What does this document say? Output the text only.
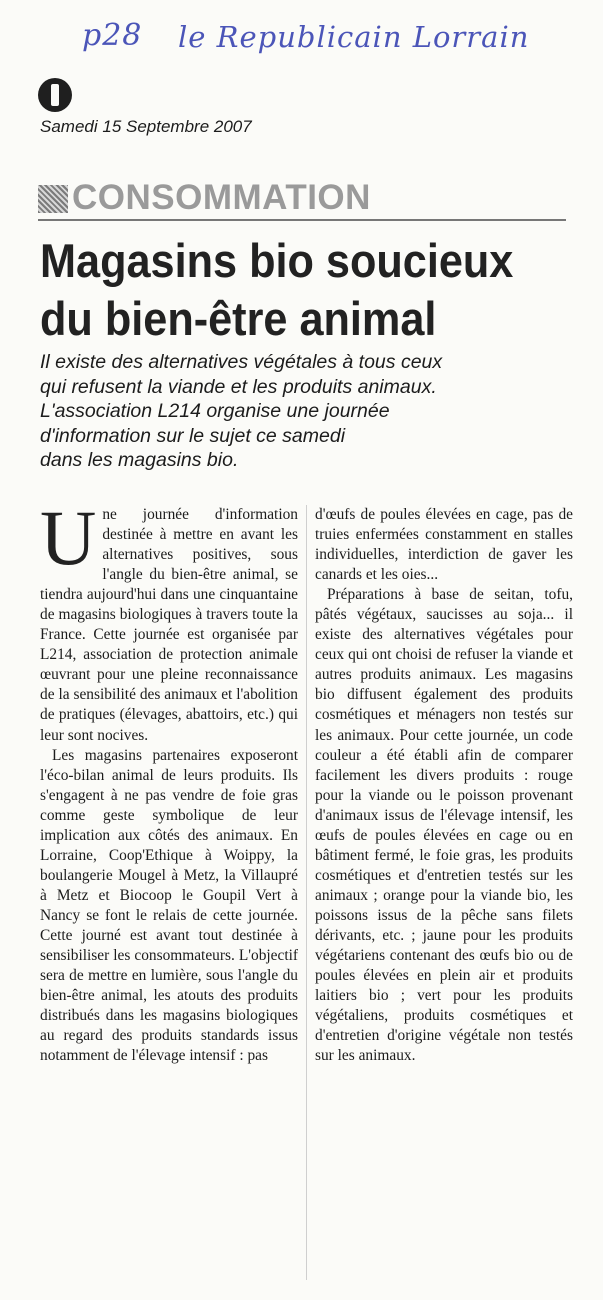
p28 le Republicain Lorrain
Samedi 15 Septembre 2007
CONSOMMATION
Magasins bio soucieux
du bien-être animal
Il existe des alternatives végétales à tous ceux
qui refusent la viande et les produits animaux.
L'association L214 organise une journée
d'information sur le sujet ce samedi
dans les magasins bio.

Une journée d'information destinée à mettre en avant les alternatives positives, sous l'angle du bien-être animal, se tiendra aujourd'hui dans une cinquantaine de magasins biologiques à travers toute la France. Cette journée est organisée par L214, association de protection animale œuvrant pour une pleine reconnaissance de la sensibilité des animaux et l'abolition de pratiques (élevages, abattoirs, etc.) qui leur sont nocives.

Les magasins partenaires exposeront l'éco-bilan animal de leurs produits. Ils s'engagent à ne pas vendre de foie gras comme geste symbolique de leur implication aux côtés des animaux. En Lorraine, Coop'Ethique à Woippy, la boulangerie Mougel à Metz, la Villaupré à Metz et Biocoop le Goupil Vert à Nancy se font le relais de cette journée. Cette journé est avant tout destinée à sensibiliser les consommateurs. L'objectif sera de mettre en lumière, sous l'angle du bien-être animal, les atouts des produits distribués dans les magasins biologiques au regard des produits standards issus notamment de l'élevage intensif : pas

d'œufs de poules élevées en cage, pas de truies enfermées constamment en stalles individuelles, interdiction de gaver les canards et les oies...

Préparations à base de seitan, tofu, pâtés végétaux, saucisses au soja... il existe des alternatives végétales pour ceux qui ont choisi de refuser la viande et autres produits animaux. Les magasins bio diffusent également des produits cosmétiques et ménagers non testés sur les animaux. Pour cette journée, un code couleur a été établi afin de comparer facilement les divers produits : rouge pour la viande ou le poisson provenant d'animaux issus de l'élevage intensif, les œufs de poules élevées en cage ou en bâtiment fermé, le foie gras, les produits cosmétiques et d'entretien testés sur les animaux ; orange pour la viande bio, les poissons issus de la pêche sans filets dérivants, etc. ; jaune pour les produits végétariens contenant des œufs bio ou de poules élevées en plein air et produits laitiers bio ; vert pour les produits végétaliens, produits cosmétiques et d'entretien d'origine végétale non testés sur les animaux.
